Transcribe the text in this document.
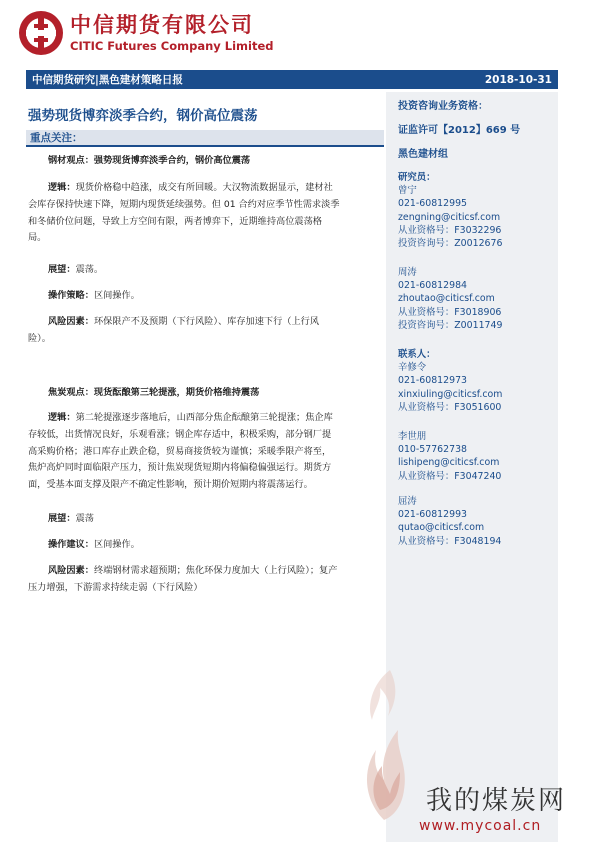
中信期货有限公司
CITIC Futures Company Limited
中信期货研究|黑色建材策略日报	2018-10-31
强势现货博弈淡季合约，钢价高位震荡
重点关注：
钢材观点：强势现货博弈淡季合约，钢价高位震荡
逻辑：现货价格稳中趋涨，成交有所回暖。大汉物流数据显示，建材社
会库存保持快速下降，短期内现货延续强势。但 01 合约对应季节性需求淡季
和冬储价位问题，导致上方空间有限，两者博弈下，近期维持高位震荡格
局。
展望：震荡。
操作策略：区间操作。
风险因素：环保限产不及预期（下行风险）、库存加速下行（上行风
险）。
焦炭观点：现货酝酿第三轮提涨，期货价格维持震荡
逻辑：第二轮提涨逐步落地后，山西部分焦企酝酿第三轮提涨；焦企库
存较低，出货情况良好，乐观看涨；钢企库存适中，积极采购，部分钢厂提
高采购价格；港口库存止跌企稳，贸易商接货较为谨慎；采暖季限产将至，
焦炉高炉同时面临限产压力，预计焦炭现货短期内将偏稳偏强运行。期货方
面，受基本面支撑及限产不确定性影响，预计期价短期内将震荡运行。
展望：震荡
操作建议：区间操作。
风险因素：终端钢材需求超预期；焦化环保力度加大（上行风险）；复产
压力增强，下游需求持续走弱（下行风险）
投资咨询业务资格：
证监许可【2012】669 号
黑色建材组
研究员：
曾宁
021-60812995
zengning@citicsf.com
从业资格号：F3032296
投资咨询号：Z0012676
周涛
021-60812984
zhoutao@citicsf.com
从业资格号：F3018906
投资咨询号：Z0011749
联系人：
辛修令
021-60812973
xinxiuling@citicsf.com
从业资格号：F3051600
李世朋
010-57762738
lishipeng@citicsf.com
从业资格号：F3047240
屈涛
021-60812993
qutao@citicsf.com
从业资格号：F3048194
我的煤炭网
www.mycoal.cn
